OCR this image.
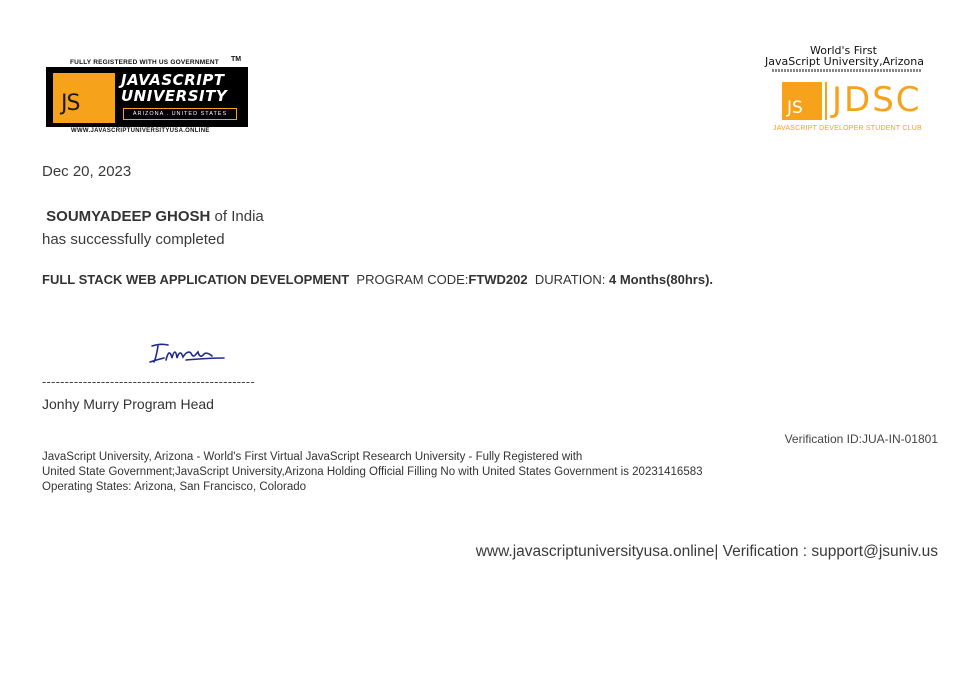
FULLY REGISTERED WITH US GOVERNMENT TM
JS
JAVASCRIPT
UNIVERSITY
ARIZONA . UNITED STATES
WWW.JAVASCRIPTUNIVERSITYUSA.ONLINE
World's First
JavaScript University,Arizona
JS JDSC
JAVASCRIPT DEVELOPER STUDENT CLUB
Dec 20, 2023
SOUMYADEEP GHOSH of India
has successfully completed
FULL STACK WEB APPLICATION DEVELOPMENT PROGRAM CODE:FTWD202 DURATION: 4 Months(80hrs).
-----------------------------------------------
Jonhy Murry Program Head
Verification ID:JUA-IN-01801
JavaScript University, Arizona - World's First Virtual JavaScript Research University - Fully Registered with
United State Government;JavaScript University,Arizona Holding Official Filling No with United States Government is 20231416583
Operating States: Arizona, San Francisco, Colorado
www.javascriptuniversityusa.online| Verification : support@jsuniv.us
